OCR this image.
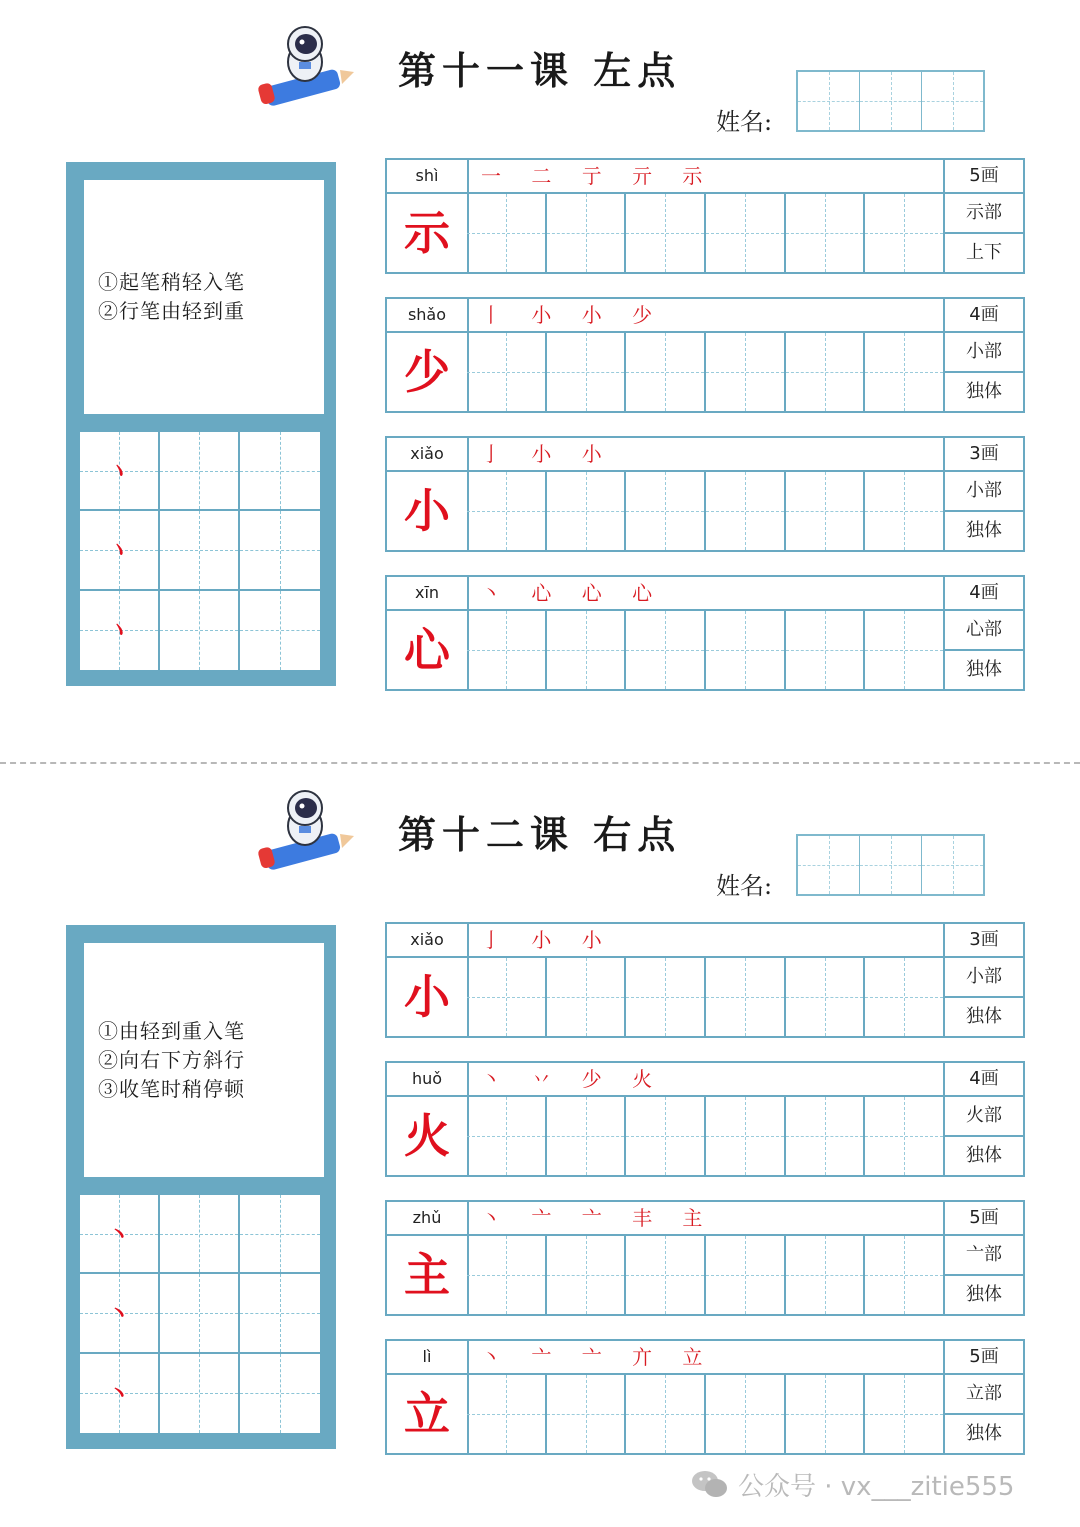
第十一课 左点
姓名:
①起笔稍轻入笔
②行笔由轻到重
丶
丶
丶
shì	一 二 亍 亓 示	5画
示	示部
上下
shǎo	丨 小 小 少	4画
少	小部
独体
xiǎo	亅 小 小	3画
小	小部
独体
xīn	丶 心 心 心	4画
心	心部
独体
第十二课 右点
姓名:
①由轻到重入笔
②向右下方斜行
③收笔时稍停顿
丶
丶
丶
xiǎo	亅 小 小	3画
小	小部
独体
huǒ	丶 丷 少 火	4画
火	火部
独体
zhǔ	丶 亠 亠 丰 主	5画
主	亠部
独体
lì	丶 亠 亠 亣 立	5画
立	立部
独体
公众号 · vx___zitie555
